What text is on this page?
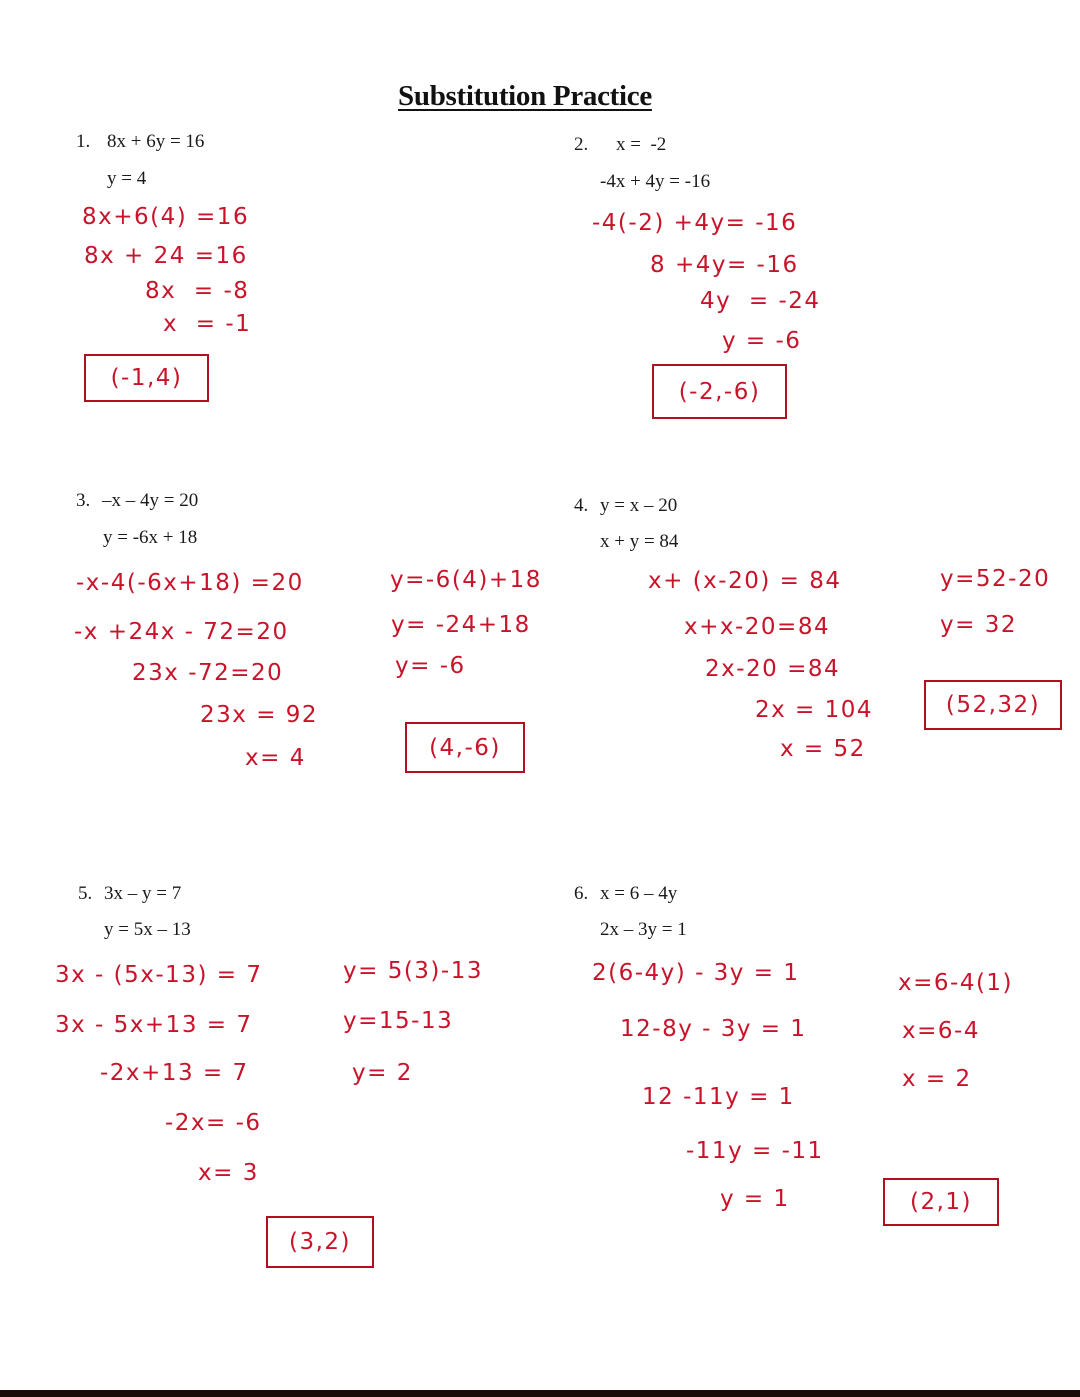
Substitution Practice
1. 8x + 6y = 16
y = 4
8x+6(4) =16
8x + 24 =16
8x  = -8
x  = -1
(-1,4)
2. x =  -2
-4x + 4y = -16
-4(-2) +4y= -16
8 +4y= -16
4y  = -24
y = -6
(-2,-6)
3. –x – 4y = 20
y = -6x + 18
-x-4(-6x+18) =20
-x +24x - 72=20
23x -72=20
23x = 92
x= 4
y=-6(4)+18
y= -24+18
y= -6
(4,-6)
4. y = x – 20
x + y = 84
x+ (x-20) = 84
x+x-20=84
2x-20 =84
2x = 104
x = 52
y=52-20
y= 32
(52,32)
5. 3x – y = 7
y = 5x – 13
3x - (5x-13) = 7
3x - 5x+13 = 7
-2x+13 = 7
-2x= -6
x= 3
y= 5(3)-13
y=15-13
y= 2
(3,2)
6. x = 6 – 4y
2x – 3y = 1
2(6-4y) - 3y = 1
12-8y - 3y = 1
12 -11y = 1
-11y = -11
y = 1
x=6-4(1)
x=6-4
x = 2
(2,1)
